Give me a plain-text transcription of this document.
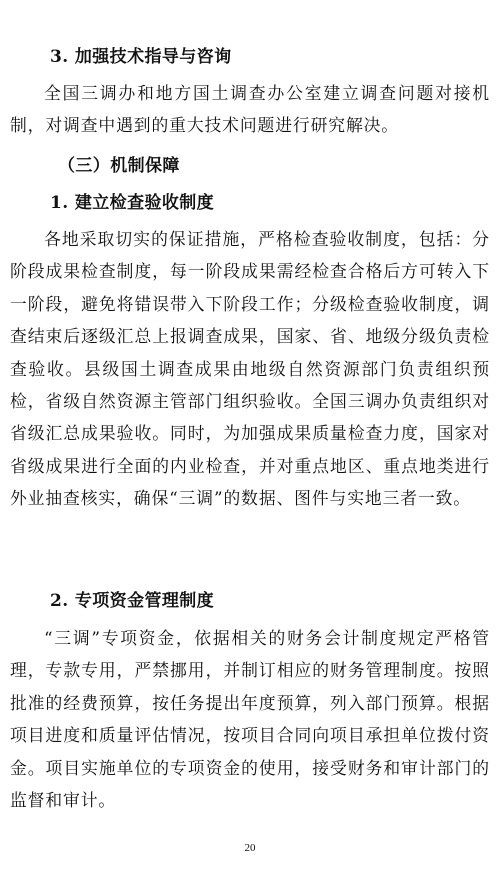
3. 加强技术指导与咨询

全国三调办和地方国土调查办公室建立调查问题对接机制，对调查中遇到的重大技术问题进行研究解决。

（三）机制保障
1. 建立检查验收制度

各地采取切实的保证措施，严格检查验收制度，包括：分阶段成果检查制度，每一阶段成果需经检查合格后方可转入下一阶段，避免将错误带入下阶段工作；分级检查验收制度，调查结束后逐级汇总上报调查成果，国家、省、地级分级负责检查验收。县级国土调查成果由地级自然资源部门负责组织预检，省级自然资源主管部门组织验收。全国三调办负责组织对省级汇总成果验收。同时，为加强成果质量检查力度，国家对省级成果进行全面的内业检查，并对重点地区、重点地类进行外业抽查核实，确保“三调”的数据、图件与实地三者一致。

2. 专项资金管理制度

“三调”专项资金，依据相关的财务会计制度规定严格管理，专款专用，严禁挪用，并制订相应的财务管理制度。按照批准的经费预算，按任务提出年度预算，列入部门预算。根据项目进度和质量评估情况，按项目合同向项目承担单位拨付资金。项目实施单位的专项资金的使用，接受财务和审计部门的监督和审计。

20
